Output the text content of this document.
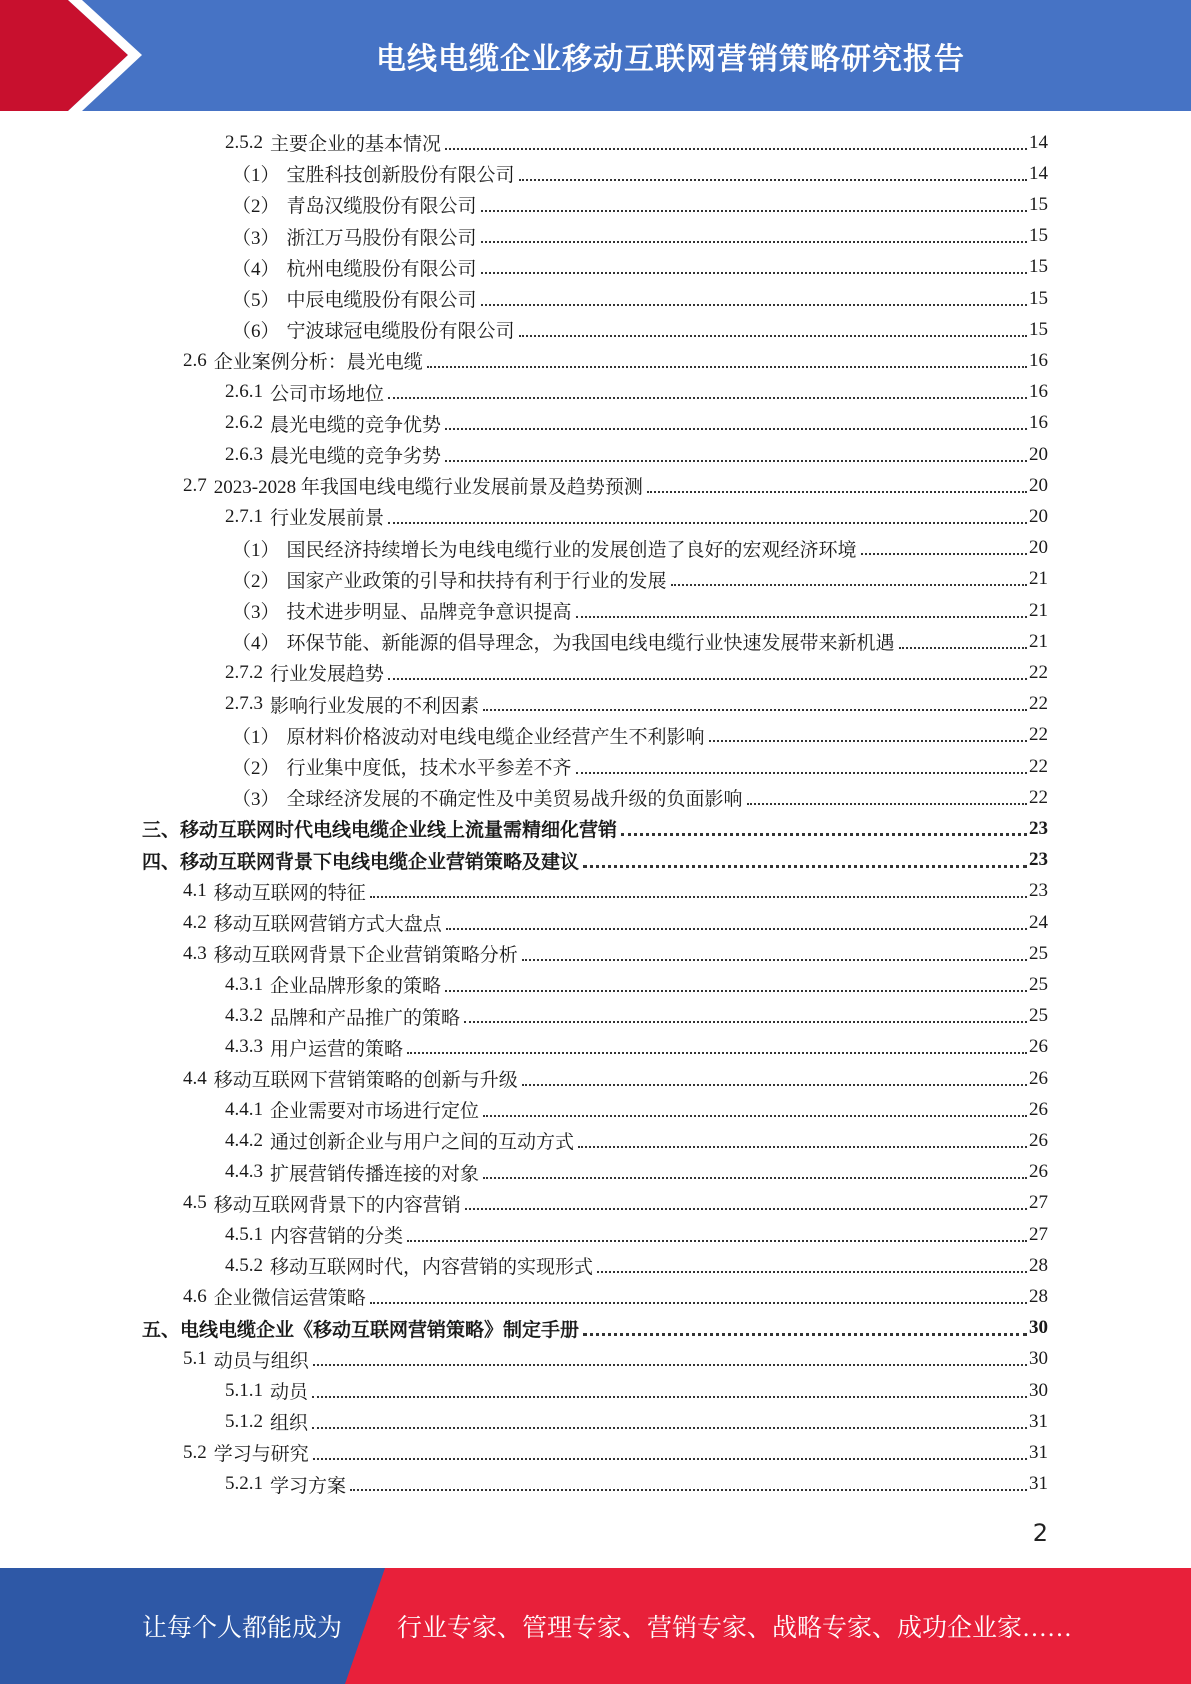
电线电缆企业移动互联网营销策略研究报告
2.5.2 主要企业的基本情况	14
（1） 宝胜科技创新股份有限公司	14
（2） 青岛汉缆股份有限公司	15
（3） 浙江万马股份有限公司	15
（4） 杭州电缆股份有限公司	15
（5） 中辰电缆股份有限公司	15
（6） 宁波球冠电缆股份有限公司	15
2.6 企业案例分析：晨光电缆	16
2.6.1 公司市场地位	16
2.6.2 晨光电缆的竞争优势	16
2.6.3 晨光电缆的竞争劣势	20
2.7 2023-2028 年我国电线电缆行业发展前景及趋势预测	20
2.7.1 行业发展前景	20
（1） 国民经济持续增长为电线电缆行业的发展创造了良好的宏观经济环境	20
（2） 国家产业政策的引导和扶持有利于行业的发展	21
（3） 技术进步明显、品牌竞争意识提高	21
（4） 环保节能、新能源的倡导理念，为我国电线电缆行业快速发展带来新机遇	21
2.7.2 行业发展趋势	22
2.7.3 影响行业发展的不利因素	22
（1） 原材料价格波动对电线电缆企业经营产生不利影响	22
（2） 行业集中度低，技术水平参差不齐	22
（3） 全球经济发展的不确定性及中美贸易战升级的负面影响	22
三、 移动互联网时代电线电缆企业线上流量需精细化营销	23
四、 移动互联网背景下电线电缆企业营销策略及建议	23
4.1 移动互联网的特征	23
4.2 移动互联网营销方式大盘点	24
4.3 移动互联网背景下企业营销策略分析	25
4.3.1 企业品牌形象的策略	25
4.3.2 品牌和产品推广的策略	25
4.3.3 用户运营的策略	26
4.4 移动互联网下营销策略的创新与升级	26
4.4.1 企业需要对市场进行定位	26
4.4.2 通过创新企业与用户之间的互动方式	26
4.4.3 扩展营销传播连接的对象	26
4.5 移动互联网背景下的内容营销	27
4.5.1 内容营销的分类	27
4.5.2 移动互联网时代，内容营销的实现形式	28
4.6 企业微信运营策略	28
五、 电线电缆企业《移动互联网营销策略》制定手册	30
5.1 动员与组织	30
5.1.1 动员	30
5.1.2 组织	31
5.2 学习与研究	31
5.2.1 学习方案	31
2
让每个人都能成为 行业专家、管理专家、营销专家、战略专家、成功企业家……
